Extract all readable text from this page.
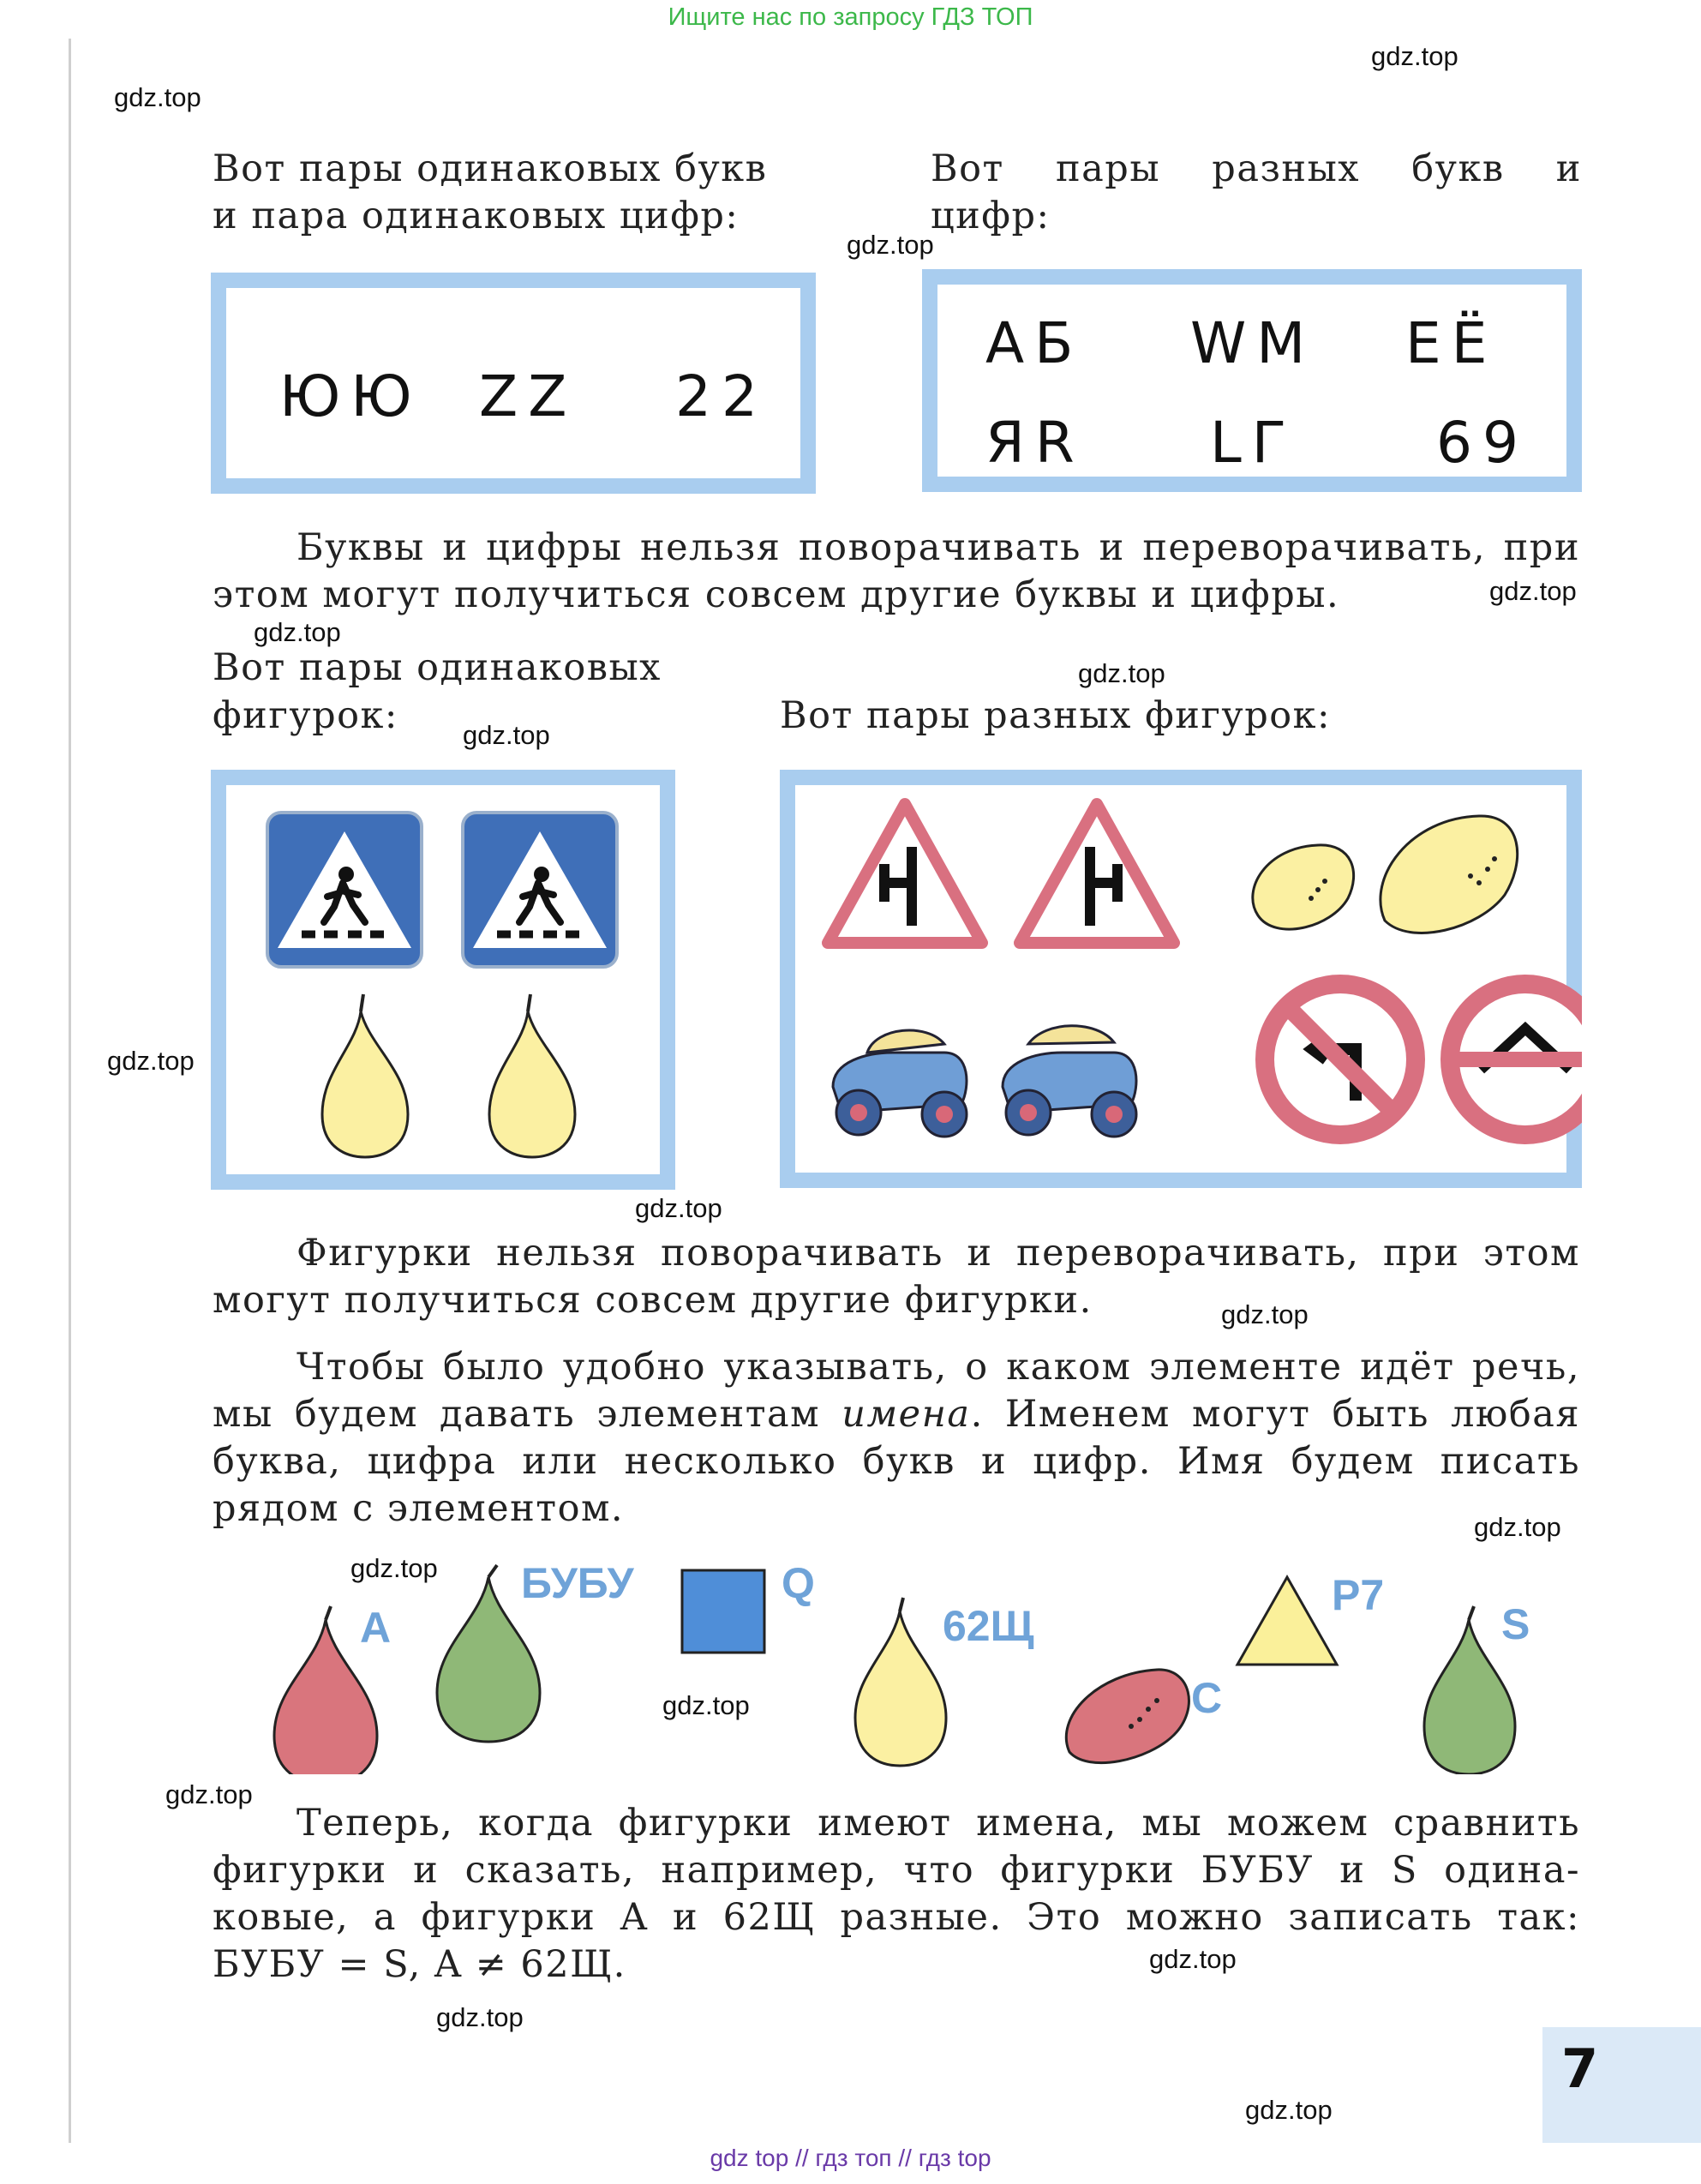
Ищите нас по запросу ГДЗ ТОП
gdz top // гдз топ // гдз top
gdz.top
gdz.top
gdz.top
gdz.top
gdz.top
gdz.top
gdz.top
gdz.top
gdz.top
gdz.top
gdz.top
gdz.top
gdz.top
gdz.top
gdz.top
gdz.top
gdz.top
Вот пары одинаковых букв
и пара одинаковых цифр:
Вот пары разных букв и
цифр:
ЮЮ ZZ 22
АБ WM ЕЁ
ЯR LГ 69
Буквы и цифры нельзя поворачивать и переворачивать, при
этом могут получиться совсем другие буквы и цифры.
Вот пары одинаковых
фигурок:	Вот пары разных фигурок:
Фигурки нельзя поворачивать и переворачивать, при этом
могут получиться совсем другие фигурки.
Чтобы было удобно указывать, о каком элементе идёт речь,
мы будем давать элементам имена. Именем могут быть любая
буква, цифра или несколько букв и цифр. Имя будем писать
рядом с элементом.
A
БУБУ	Q
62Щ
C
P7
S
Теперь, когда фигурки имеют имена, мы можем сравнить
фигурки и сказать, например, что фигурки БУБУ и S одина-
ковые, а фигурки A и 62Щ разные. Это можно записать так:
БУБУ = S, A ≠ 62Щ.
7
